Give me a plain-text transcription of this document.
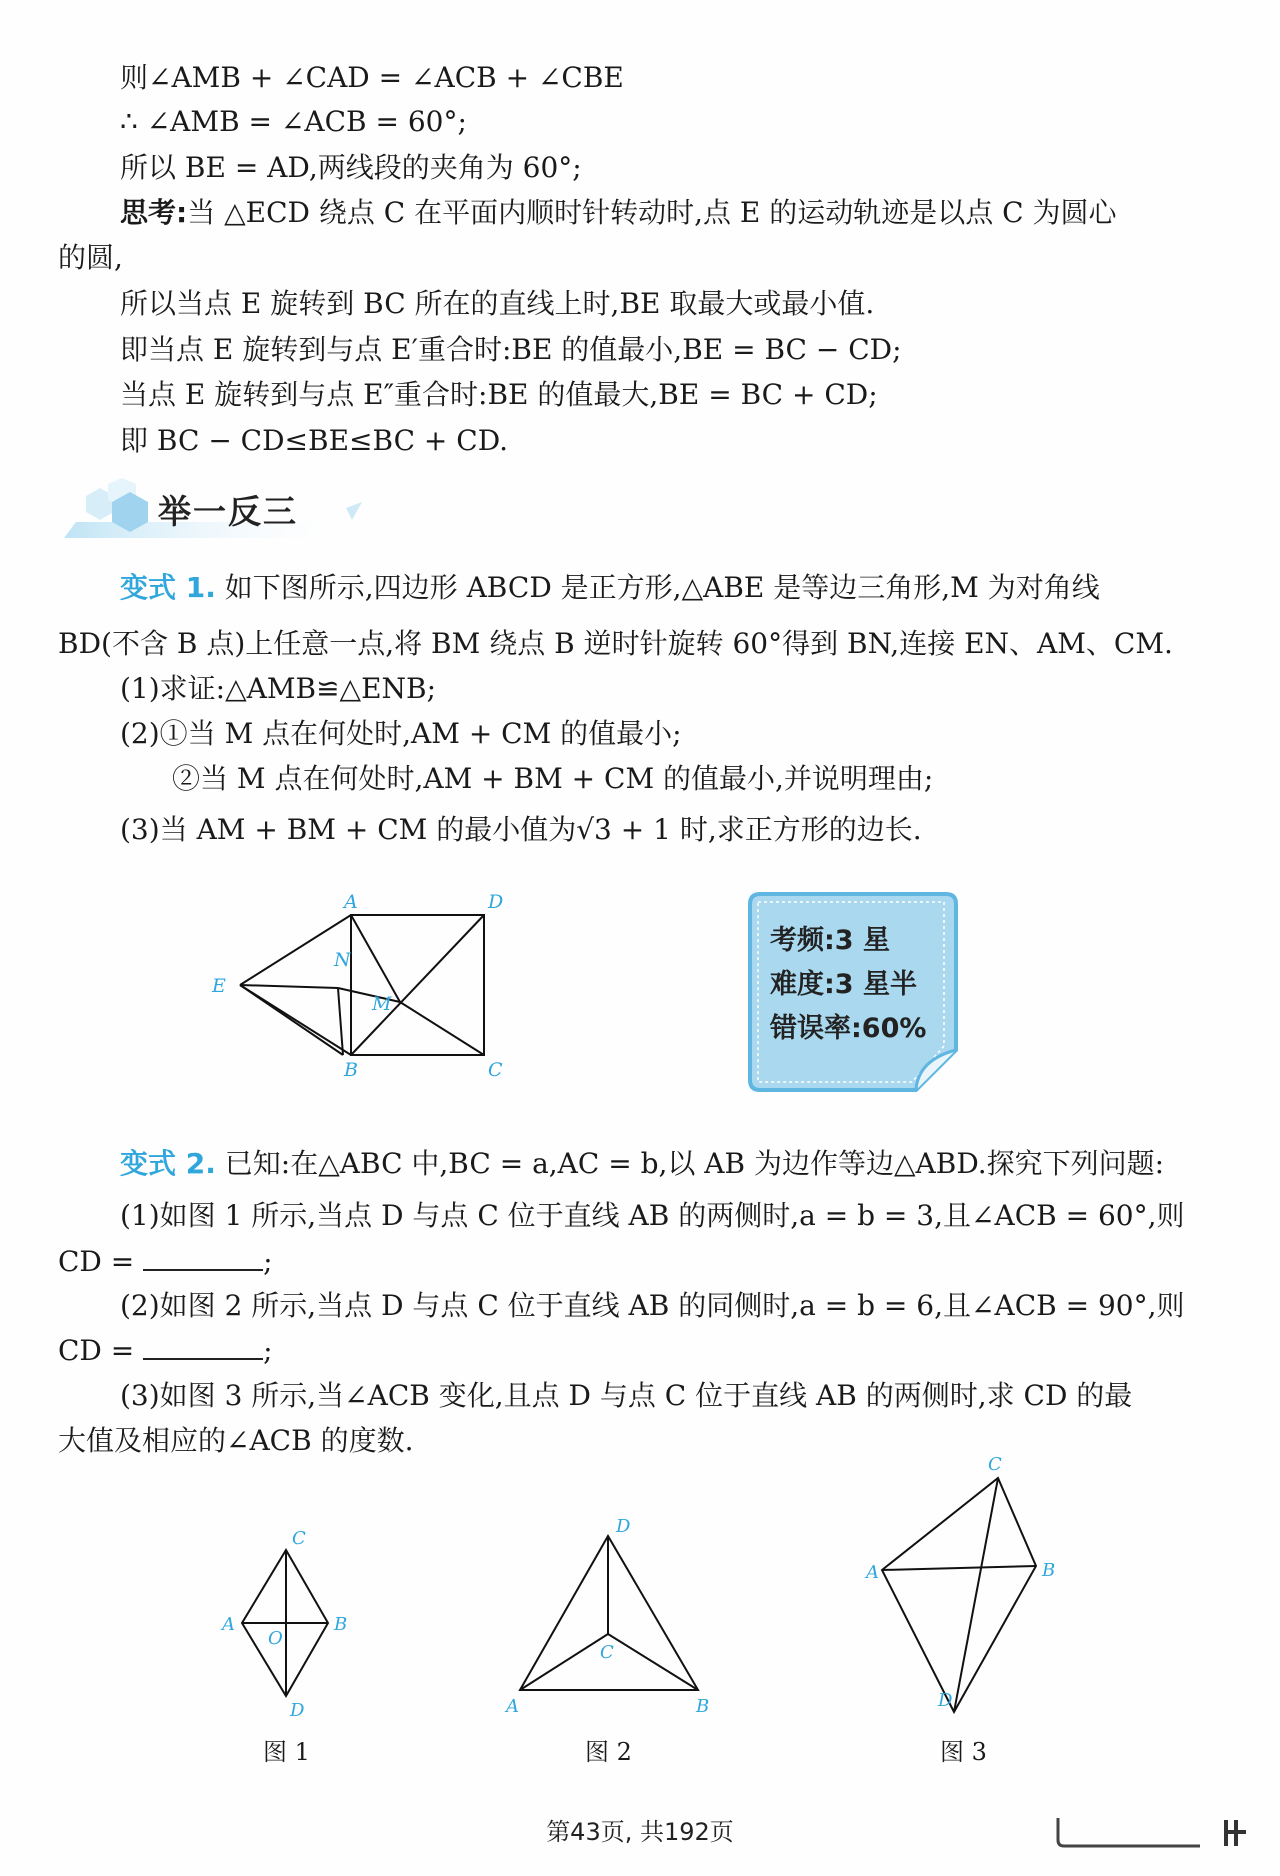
则∠AMB + ∠CAD = ∠ACB + ∠CBE
∴ ∠AMB = ∠ACB = 60°;
所以 BE = AD,两线段的夹角为 60°;
思考:当 △ECD 绕点 C 在平面内顺时针转动时,点 E 的运动轨迹是以点 C 为圆心
的圆,
所以当点 E 旋转到 BC 所在的直线上时,BE 取最大或最小值.
即当点 E 旋转到与点 E′重合时:BE 的值最小,BE = BC − CD;
当点 E 旋转到与点 E″重合时:BE 的值最大,BE = BC + CD;
即 BC − CD≤BE≤BC + CD.
举一反三
变式 1. 如下图所示,四边形 ABCD 是正方形,△ABE 是等边三角形,M 为对角线
BD(不含 B 点)上任意一点,将 BM 绕点 B 逆时针旋转 60°得到 BN,连接 EN、AM、CM.
(1)求证:△AMB≌△ENB;
(2)①当 M 点在何处时,AM + CM 的值最小;
②当 M 点在何处时,AM + BM + CM 的值最小,并说明理由;
(3)当 AM + BM + CM 的最小值为√3 + 1 时,求正方形的边长.
A	D
E
N
M
B	C
考频:3 星
难度:3 星半
错误率:60%
变式 2. 已知:在△ABC 中,BC = a,AC = b,以 AB 为边作等边△ABD.探究下列问题:
(1)如图 1 所示,当点 D 与点 C 位于直线 AB 的两侧时,a = b = 3,且∠ACB = 60°,则
CD =	;
(2)如图 2 所示,当点 D 与点 C 位于直线 AB 的同侧时,a = b = 6,且∠ACB = 90°,则
CD =	;
(3)如图 3 所示,当∠ACB 变化,且点 D 与点 C 位于直线 AB 的两侧时,求 CD 的最
大值及相应的∠ACB 的度数.
C
A
O
B
D
图 1
D
C
A	B
图 2
C
A	B
D
图 3
第43页, 共192页
